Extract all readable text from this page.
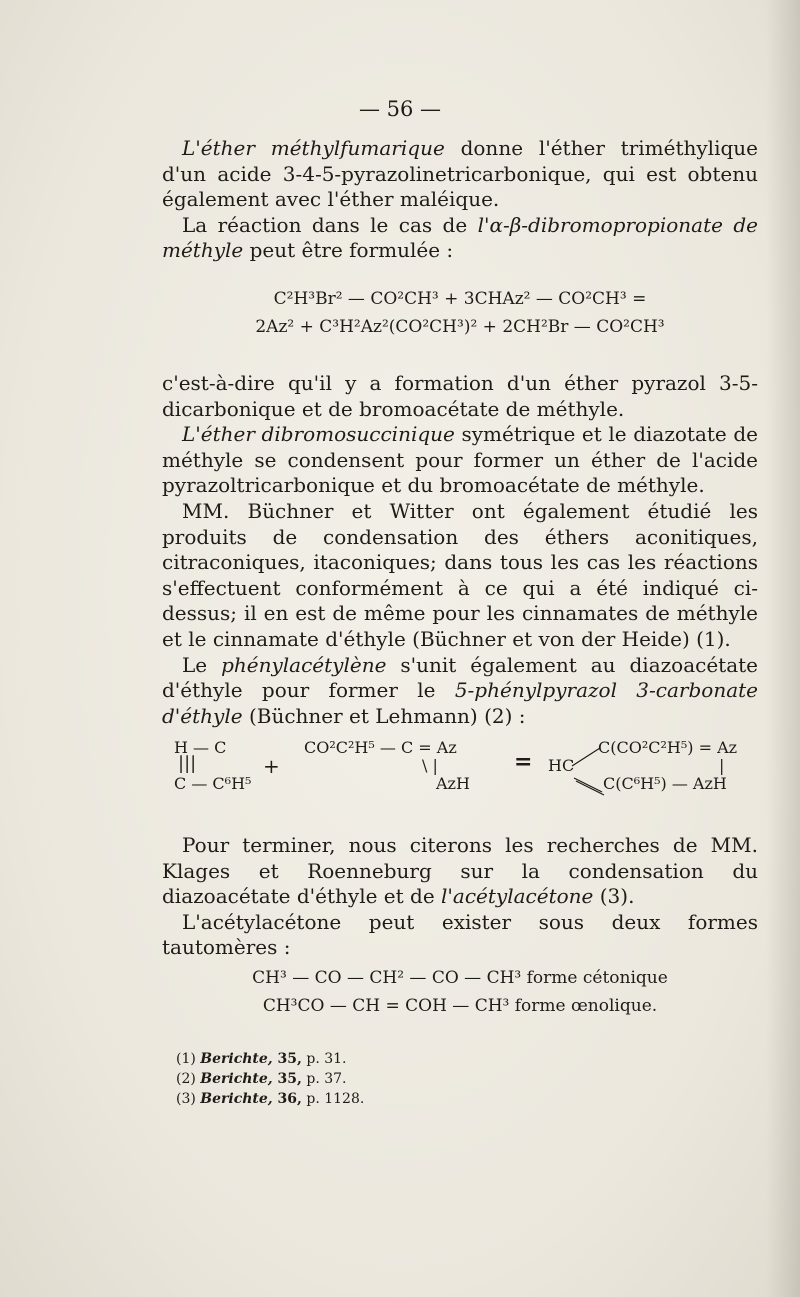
— 56 —

L'éther méthylfumarique donne l'éther triméthylique d'un acide 3-4-5-pyrazolinetricarbonique, qui est obtenu également avec l'éther maléique.

La réaction dans le cas de l'α-β-dibromopropionate de méthyle peut être formulée :

C²H³Br² — CO²CH³ + 3CHAz² — CO²CH³ =
2Az² + C³H²Az²(CO²CH³)² + 2CH²Br — CO²CH³

c'est-à-dire qu'il y a formation d'un éther pyrazol 3-5-dicarbonique et de bromoacétate de méthyle.

L'éther dibromosuccinique symétrique et le diazotate de méthyle se condensent pour former un éther de l'acide pyrazoltricarbonique et du bromoacétate de méthyle.

MM. Büchner et Witter ont également étudié les produits de condensation des éthers aconitiques, citraconiques, itaconiques; dans tous les cas les réactions s'effectuent conformément à ce qui a été indiqué ci-dessus; il en est de même pour les cinnamates de méthyle et le cinnamate d'éthyle (Büchner et von der Heide) (1).

Le phénylacétylène s'unit également au diazoacétate d'éthyle pour former le 5-phénylpyrazol 3-carbonate d'éthyle (Büchner et Lehmann) (2) :

H — C
|||
C — C⁶H⁵
+
CO²C²H⁵ — C = Az
\ |
AzH
= HC
C(CO²C²H⁵) = Az
|
C(C⁶H⁵) — AzH

Pour terminer, nous citerons les recherches de MM. Klages et Roenneburg sur la condensation du diazoacétate d'éthyle et de l'acétylacétone (3).

L'acétylacétone peut exister sous deux formes tautomères :

CH³ — CO — CH² — CO — CH³ forme cétonique
CH³CO — CH = COH — CH³ forme œnolique.
(1) Berichte, 35, p. 31.
(2) Berichte, 35, p. 37.
(3) Berichte, 36, p. 1128.
